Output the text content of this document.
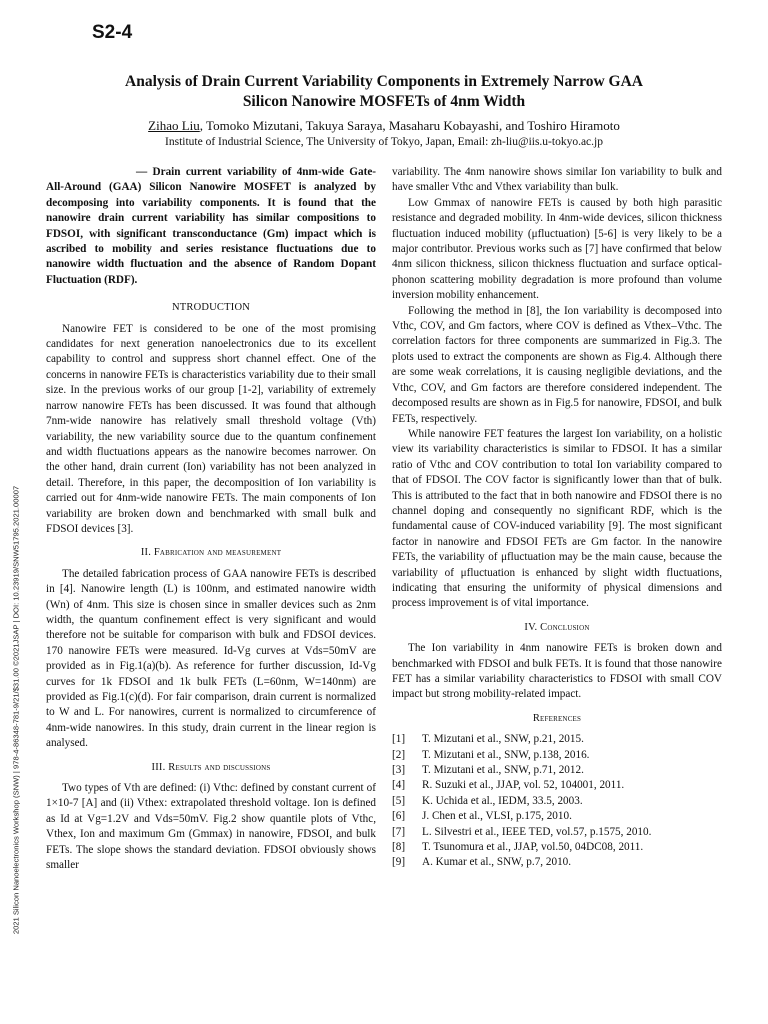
S2-4
2021 Silicon Nanoelectronics Workshop (SNW) | 978-4-86348-781-9/21/$31.00 ©2021JSAP | DOI: 10.23919/SNW51795.2021.00007
Analysis of Drain Current Variability Components in Extremely Narrow GAA
Silicon Nanowire MOSFETs of 4nm Width
Zihao Liu, Tomoko Mizutani, Takuya Saraya, Masaharu Kobayashi, and Toshiro Hiramoto
Institute of Industrial Science, The University of Tokyo, Japan, Email: zh-liu@iis.u-tokyo.ac.jp

— Drain current variability of 4nm-wide Gate-All-Around (GAA) Silicon Nanowire MOSFET is analyzed by decomposing into variability components. It is found that the nanowire drain current variability has similar compositions to FDSOI, with significant transconductance (Gm) impact which is ascribed to mobility and series resistance fluctuations due to nanowire width fluctuation and the absence of Random Dopant Fluctuation (RDF).

NTRODUCTION

Nanowire FET is considered to be one of the most promising candidates for next generation nanoelectronics due to its excellent capability to control and suppress short channel effect. One of the concerns in nanowire FETs is characteristics variability due to their small size. In the previous works of our group [1-2], variability of extremely narrow nanowire FETs has been discussed. It was found that although 7nm-wide nanowire has relatively small threshold voltage (Vth) variability, the new variability source due to the quantum confinement and width fluctuations appears as the nanowire becomes narrower. On the other hand, drain current (Ion) variability has not been analyzed in detail. Therefore, in this paper, the decomposition of Ion variability is carried out for 4nm-wide nanowire FETs. The main components of Ion variability are broken down and benchmarked with small bulk and FDSOI devices [3].

II. Fabrication and measurement

The detailed fabrication process of GAA nanowire FETs is described in [4]. Nanowire length (L) is 100nm, and estimated nanowire width (Wn) of 4nm. This size is chosen since in smaller devices such as 2nm width, the quantum confinement effect is very significant and would therefore not be suitable for comparison with bulk and FDSOI devices. 170 nanowire FETs were measured. Id-Vg curves at Vds=50mV are provided as in Fig.1(a)(b). As reference for further discussion, Id-Vg curves for 1k FDSOI and 1k bulk FETs (L=60nm, W=140nm) are provided as Fig.1(c)(d). For fair comparison, drain current is normalized to W and L. For nanowires, current is normalized to circumference of 4nm-wide nanowires. In this study, drain current in the linear region is analysed.

III. Results and discussions

Two types of Vth are defined: (i) Vthc: defined by constant current of 1×10-7 [A] and (ii) Vthex: extrapolated threshold voltage. Ion is defined as Id at Vg=1.2V and Vds=50mV. Fig.2 show quantile plots of Vthc, Vthex, Ion and maximum Gm (Gmmax) in nanowire, FDSOI, and bulk FETs. The slope shows the standard deviation. FDSOI obviously shows smaller

variability. The 4nm nanowire shows similar Ion variability to bulk and have smaller Vthc and Vthex variability than bulk.

Low Gmmax of nanowire FETs is caused by both high parasitic resistance and degraded mobility. In 4nm-wide devices, silicon thickness fluctuation induced mobility (μfluctuation) [5-6] is very likely to be a major contributor. Previous works such as [7] have confirmed that below 4nm silicon thickness, silicon thickness fluctuation and surface optical-phonon scattering mobility degradation is more profound than volume inversion mobility enhancement.

Following the method in [8], the Ion variability is decomposed into Vthc, COV, and Gm factors, where COV is defined as Vthex–Vthc. The correlation factors for three components are summarized in Fig.3. The plots used to extract the components are shown as Fig.4. Although there are some weak correlations, it is causing negligible deviations, and the Vthc, COV, and Gm factors are therefore considered independent. The decomposed results are shown as in Fig.5 for nanowire, FDSOI, and bulk FETs, respectively.

While nanowire FET features the largest Ion variability, on a holistic view its variability characteristics is similar to FDSOI. It has a similar ratio of Vthc and COV contribution to total Ion variability compared to that of FDSOI. The COV factor is significantly lower than that of bulk. This is attributed to the fact that in both nanowire and FDSOI there is no channel doping and consequently no significant RDF, which is the fundamental cause of COV-induced variability [9]. The most significant factor in nanowire and FDSOI FETs are Gm factor. In the nanowire FETs, the variability of μfluctuation may be the main cause, because the variability of μfluctuation is enhanced by slight width fluctuations, indicating that ensuring the uniformity of physical dimensions and process improvement is of vital importance.

IV. Conclusion

The Ion variability in 4nm nanowire FETs is broken down and benchmarked with FDSOI and bulk FETs. It is found that those nanowire FET has a similar variability characteristics to FDSOI with small COV impact but strong mobility-related impact.

References
[1]	T. Mizutani et al., SNW, p.21, 2015.
[2]	T. Mizutani et al., SNW, p.138, 2016.
[3]	T. Mizutani et al., SNW, p.71, 2012.
[4]	R. Suzuki et al., JJAP, vol. 52, 104001, 2011.
[5]	K. Uchida et al., IEDM, 33.5, 2003.
[6]	J. Chen et al., VLSI, p.175, 2010.
[7]	L. Silvestri et al., IEEE TED, vol.57, p.1575, 2010.
[8]	T. Tsunomura et al., JJAP, vol.50, 04DC08, 2011.
[9]	A. Kumar et al., SNW, p.7, 2010.
